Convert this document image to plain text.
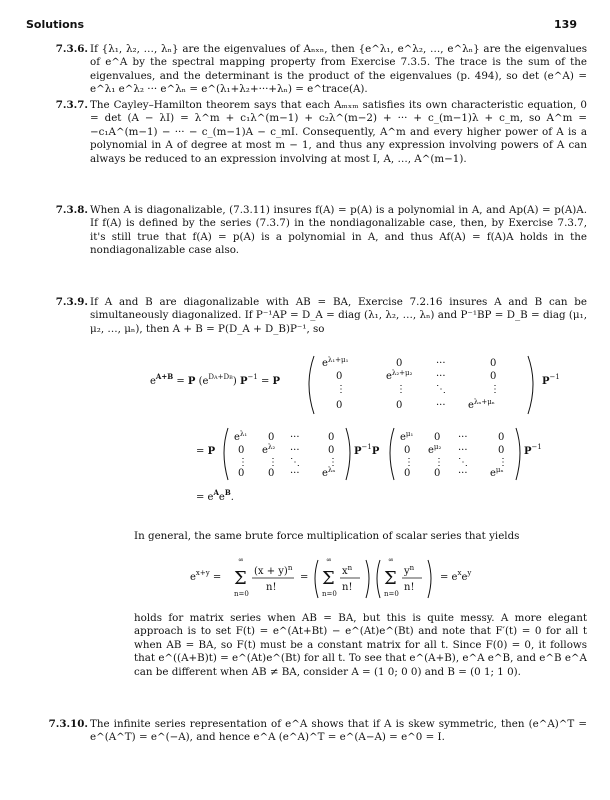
Solutions	139
7.3.6. If {λ₁, λ₂, …, λₙ} are the eigenvalues of Aₙₓₙ, then {e^λ₁, e^λ₂, …, e^λₙ} are the eigenvalues of e^A by the spectral mapping property from Exercise 7.3.5. The trace is the sum of the eigenvalues, and the determinant is the product of the eigenvalues (p. 494), so det (e^A) = e^λ₁ e^λ₂ ··· e^λₙ = e^(λ₁+λ₂+···+λₙ) = e^trace(A).
7.3.7. The Cayley–Hamilton theorem says that each Aₘₓₘ satisfies its own characteristic equation, 0 = det (A − λI) = λ^m + c₁λ^(m−1) + c₂λ^(m−2) + ··· + c_(m−1)λ + c_m, so A^m = −c₁A^(m−1) − ··· − c_(m−1)A − c_mI. Consequently, A^m and every higher power of A is a polynomial in A of degree at most m − 1, and thus any expression involving powers of A can always be reduced to an expression involving at most I, A, …, A^(m−1).
7.3.8. When A is diagonalizable, (7.3.11) insures f(A) = p(A) is a polynomial in A, and Ap(A) = p(A)A. If f(A) is defined by the series (7.3.7) in the nondiagonalizable case, then, by Exercise 7.3.7, it's still true that f(A) = p(A) is a polynomial in A, and thus Af(A) = f(A)A holds in the nondiagonalizable case also.
7.3.9. If A and B are diagonalizable with AB = BA, Exercise 7.2.16 insures A and B can be simultaneously diagonalized. If P⁻¹AP = D_A = diag (λ₁, λ₂, …, λₙ) and P⁻¹BP = D_B = diag (μ₁, μ₂, …, μₙ), then A + B = P(D_A + D_B)P⁻¹, so
$e^{A+B} = P$ $(e^{DA+DB}) P^{-1} = P$
$e^{\lambda_1+\mu_1}$	0	···	0
0	$e^{\lambda_2+\mu_2}$ ···	0
⋮	⋮	⋱	⋮
0	0	··· $e^{\lambda_n+\mu_n}$
$P^{-1}$
= P
$e^{\lambda_1}$ 0 ···	0
0 $e^{\lambda_2}$ ···	0
⋮ ⋮ ⋱	⋮
0 0 ··· $e^{\lambda_n}$
$P^{-1}P$
$e^{\mu_1}$ 0 ···	0
0 $e^{\mu_2}$ ···	0
⋮ ⋮ ⋱	⋮
0 0 ··· $e^{\mu_n}$
$P^{-1}$
= $e^Ae^B$.
In general, the same brute force multiplication of scalar series that yields
$e^{x+y}$ =
∞
Σ
n=0
$(x + y)^n$
n!
=
∞
Σ
n=0
$x^n$
n!
∞
Σ
n=0
$y^n$
n!
= $e^xe^y$
holds for matrix series when AB = BA, but this is quite messy. A more elegant approach is to set F(t) = e^(At+Bt) − e^(At)e^(Bt) and note that F′(t) = 0 for all t when AB = BA, so F(t) must be a constant matrix for all t. Since F(0) = 0, it follows that e^((A+B)t) = e^(At)e^(Bt) for all t. To see that e^(A+B), e^A e^B, and e^B e^A can be different when AB ≠ BA, consider A = (1 0; 0 0) and B = (0 1; 1 0).
7.3.10. The infinite series representation of e^A shows that if A is skew symmetric, then (e^A)^T = e^(A^T) = e^(−A), and hence e^A (e^A)^T = e^(A−A) = e^0 = I.
